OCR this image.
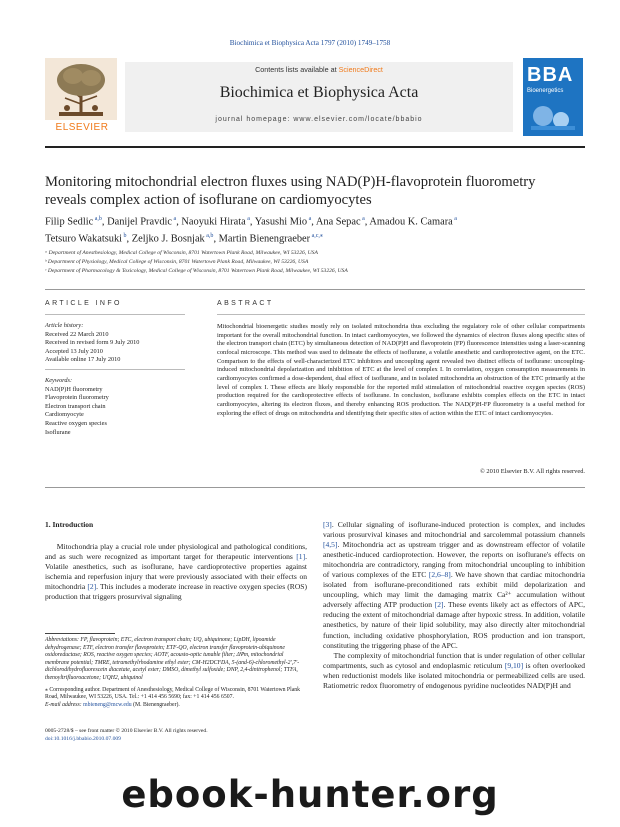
Biochimica et Biophysica Acta 1797 (2010) 1749–1758
ELSEVIER
Contents lists available at ScienceDirect
Biochimica et Biophysica Acta
journal homepage: www.elsevier.com/locate/bbabio
BBA
Bioenergetics
Monitoring mitochondrial electron fluxes using NAD(P)H-flavoprotein fluorometry
reveals complex action of isoflurane on cardiomyocytes
Filip Sedlic $^{a,b}$, Danijel Pravdic $^a$, Naoyuki Hirata $^a$, Yasushi Mio $^a$, Ana Sepac $^a$, Amadou K. Camara $^a$
Tetsuro Wakatsuki $^b$, Zeljko J. Bosnjak $^{a,b}$, Martin Bienengraeber $^{a,c,⁎}$
ᵃ Department of Anesthesiology, Medical College of Wisconsin, 8701 Watertown Plank Road, Milwaukee, WI 53226, USA
ᵇ Department of Physiology, Medical College of Wisconsin, 8701 Watertown Plank Road, Milwaukee, WI 53226, USA
ᶜ Department of Pharmacology & Toxicology, Medical College of Wisconsin, 8701 Watertown Plank Road, Milwaukee, WI 53226, USA
ARTICLE INFO	ABSTRACT
Article history:
Received 22 March 2010
Received in revised form 9 July 2010
Accepted 13 July 2010
Available online 17 July 2010
Keywords:
NAD(P)H fluorometry
Flavoprotein fluorometry
Electron transport chain
Cardiomyocyte
Reactive oxygen species
Isoflurane
Mitochondrial bioenergetic studies mostly rely on isolated mitochondria thus excluding the regulatory role of other cellular compartments important for the overall mitochondrial function. In intact cardiomyocytes, we followed the dynamics of electron fluxes along specific sites of the electron transport chain (ETC) by simultaneous detection of NAD(P)H and flavoprotein (FP) fluorescence intensities using a laser-scanning confocal microscope. This method was used to delineate the effects of isoflurane, a volatile anesthetic and cardioprotective agent, on the ETC. Comparison to the effects of well-characterized ETC inhibitors and uncoupling agent revealed two distinct effects of isoflurane: uncoupling-induced mitochondrial depolarization and inhibition of ETC at the level of complex I. In correlation, oxygen consumption measurements in cardiomyocytes confirmed a dose-dependent, dual effect of isoflurane, and in isolated mitochondria an obstruction of the ETC primarily at the level of complex I. These effects are likely responsible for the reported mild stimulation of mitochondrial reactive oxygen species (ROS) production required for the cardioprotective effects of isoflurane. In conclusion, isoflurane exhibits complex effects on the ETC in intact cardiomyocytes, altering its electron fluxes, and thereby enhancing ROS production. The NAD(P)H-FP fluorometry is a useful method for exploring the effect of drugs on mitochondria and identifying their specific sites of action within the ETC of intact cardiomyocytes.
© 2010 Elsevier B.V. All rights reserved.
1. Introduction
Mitochondria play a crucial role under physiological and pathological conditions, and as such were recognized as important target for therapeutic interventions [1]. Volatile anesthetics, such as isoflurane, have cardioprotective properties against ischemia and reperfusion injury that were previously associated with their effects on mitochondria [2]. This includes a moderate increase in reactive oxygen species (ROS) production that triggers prosurvival signaling
[3]. Cellular signaling of isoflurane-induced protection is complex, and includes various prosurvival kinases and mitochondrial and sarcolemmal potassium channels [4,5]. Mitochondria act as upstream trigger and as downstream effector of volatile anesthetic-induced cardioprotection. However, the reports on isoflurane's effects on mitochondria are contradictory, ranging from mitochondrial uncoupling to inhibition of various complexes of the ETC [2,6–8]. We have shown that cardiac mitochondria isolated from isoflurane-preconditioned rats exhibit mild depolarization and uncoupling, which may limit the damaging matrix Ca²⁺ accumulation without adversely affecting ATP production [2]. These events likely act as effectors of APC, reducing the extent of mitochondrial damage after hypoxic stress. In addition, volatile anesthetics, by nature of their lipid solubility, may also directly alter mitochondrial function, including oxidative phosphorylation, ROS production and ion transport, constituting the triggering phase of the APC.
The complexity of mitochondrial function that is under regulation of other cellular compartments, such as cytosol and endoplasmic reticulum [9,10] is often overlooked when reductionist models like isolated mitochondria or permeabilized cells are used. Ratiometric redox fluorometry of endogenous pyridine nucleotides NAD(P)H and
Abbreviations: FP, flavoprotein; ETC, electron transport chain; UQ, ubiquinone; LipDH, lipoamide dehydrogenase; ETF, electron transfer flavoprotein; ETF-QO, electron transfer flavoprotein-ubiquinone oxidoreductase; ROS, reactive oxygen species; AOTF, acousto-optic tunable filter; ΔΨm, mitochondrial membrane potential; TMRE, tetramethylrhodamine ethyl ester; CM-H2DCFDA, 5-(and-6)-chloromethyl-2′,7′-dichlorodihydrofluorescein diacetate, acetyl ester; DMSO, dimethyl sulfoxide; DNP, 2,4-dinitrophenol; TTFA, thenoyltrifluoroacetone; UQH2, ubiquinol
⁎ Corresponding author. Department of Anesthesiology, Medical College of Wisconsin, 8701 Watertown Plank Road, Milwaukee, WI 53226, USA. Tel.: +1 414 456 5690; fax: +1 414 456 6507.
E-mail address: mbieneng@mcw.edu (M. Bienengraeber).
0005-2728/$ – see front matter © 2010 Elsevier B.V. All rights reserved.
doi:10.1016/j.bbabio.2010.07.009
ebook-hunter.org
